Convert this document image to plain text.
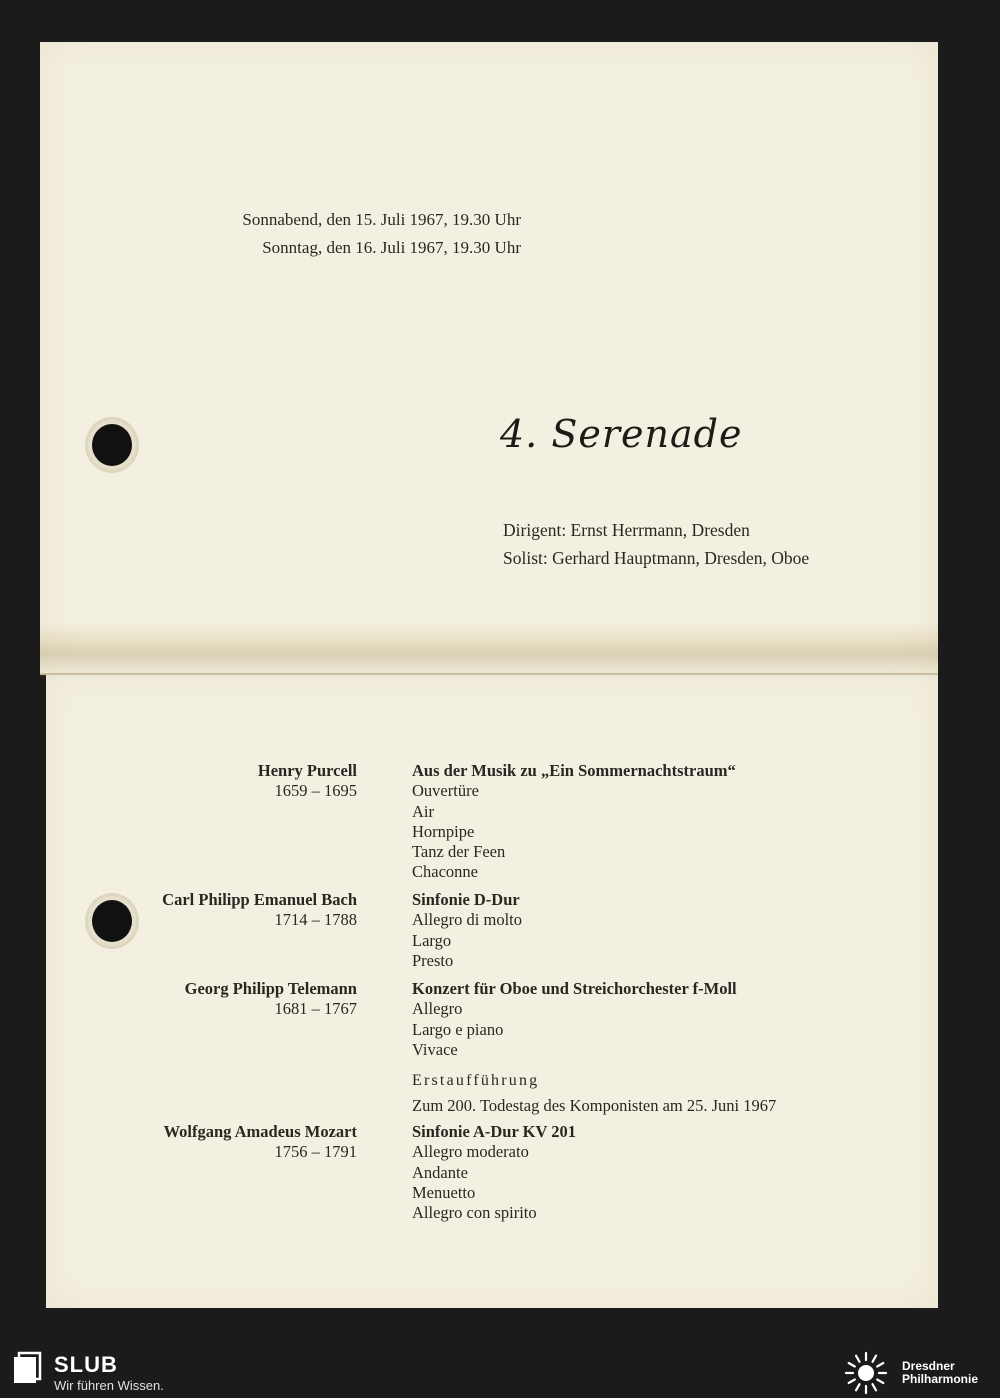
Sonnabend, den 15. Juli 1967, 19.30 Uhr
Sonntag, den 16. Juli 1967, 19.30 Uhr
4. Serenade
Dirigent: Ernst Herrmann, Dresden
Solist: Gerhard Hauptmann, Dresden, Oboe
Henry Purcell
1659 – 1695
Aus der Musik zu „Ein Sommernachtstraum“
Ouvertüre
Air
Hornpipe
Tanz der Feen
Chaconne
Carl Philipp Emanuel Bach
1714 – 1788
Sinfonie D-Dur
Allegro di molto
Largo
Presto
Georg Philipp Telemann
1681 – 1767
Konzert für Oboe und Streichorchester f-Moll
Allegro
Largo e piano
Vivace
Erstaufführung
Zum 200. Todestag des Komponisten am 25. Juni 1967
Wolfgang Amadeus Mozart
1756 – 1791
Sinfonie A-Dur KV 201
Allegro moderato
Andante
Menuetto
Allegro con spirito
SLUB
Wir führen Wissen.
Dresdner
Philharmonie
